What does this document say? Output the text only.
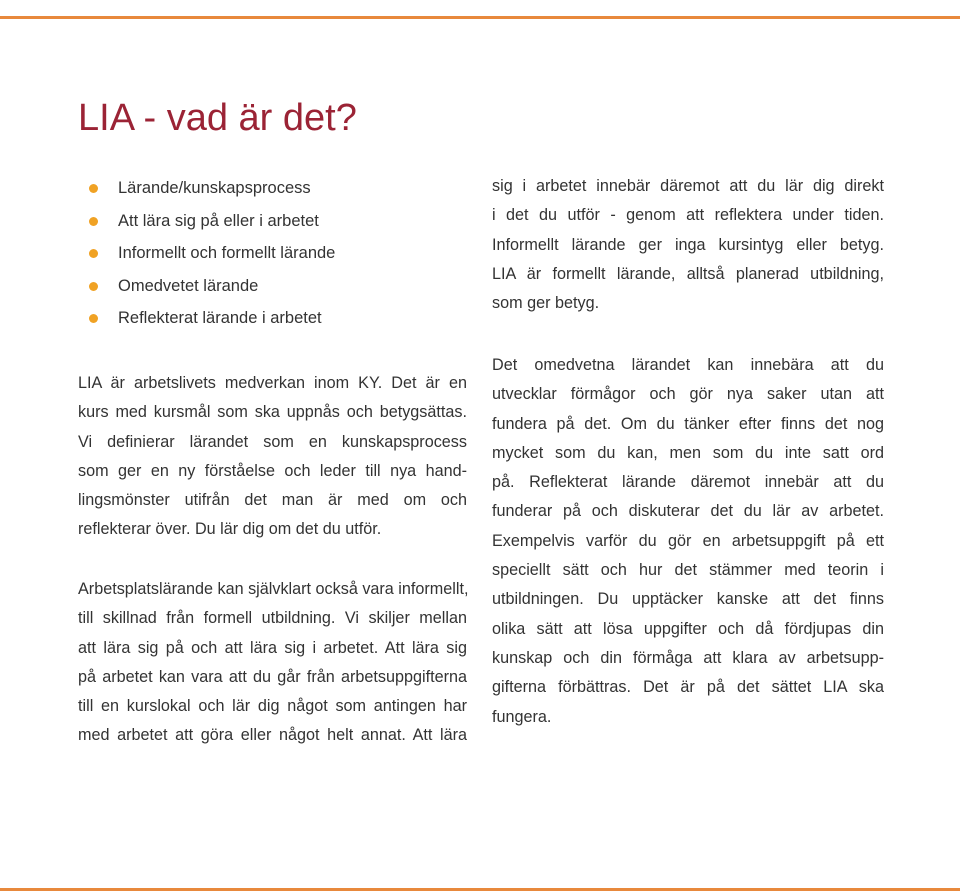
LIA - vad är det?
Lärande/kunskapsprocess
Att lära sig på eller i arbetet
Informellt och formellt lärande
Omedvetet lärande
Reflekterat lärande i arbetet
LIA är arbetslivets medverkan inom KY. Det är en
kurs med kursmål som ska uppnås och betygsättas.
Vi definierar lärandet som en kunskapsprocess
som ger en ny förståelse och leder till nya hand-
lingsmönster utifrån det man är med om och
reflekterar över. Du lär dig om det du utför.
Arbetsplatslärande kan självklart också vara informellt,
till skillnad från formell utbildning. Vi skiljer mellan
att lära sig på och att lära sig i arbetet. Att lära sig
på arbetet kan vara att du går från arbetsuppgifterna
till en kurslokal och lär dig något som antingen har
med arbetet att göra eller något helt annat. Att lära
sig i arbetet innebär däremot att du lär dig direkt
i det du utför - genom att reflektera under tiden.
Informellt lärande ger inga kursintyg eller betyg.
LIA är formellt lärande, alltså planerad utbildning,
som ger betyg.
Det omedvetna lärandet kan innebära att du
utvecklar förmågor och gör nya saker utan att
fundera på det. Om du tänker efter finns det nog
mycket som du kan, men som du inte satt ord
på. Reflekterat lärande däremot innebär att du
funderar på och diskuterar det du lär av arbetet.
Exempelvis varför du gör en arbetsuppgift på ett
speciellt sätt och hur det stämmer med teorin i
utbildningen. Du upptäcker kanske att det finns
olika sätt att lösa uppgifter och då fördjupas din
kunskap och din förmåga att klara av arbetsupp-
gifterna förbättras. Det är på det sättet LIA ska
fungera.
